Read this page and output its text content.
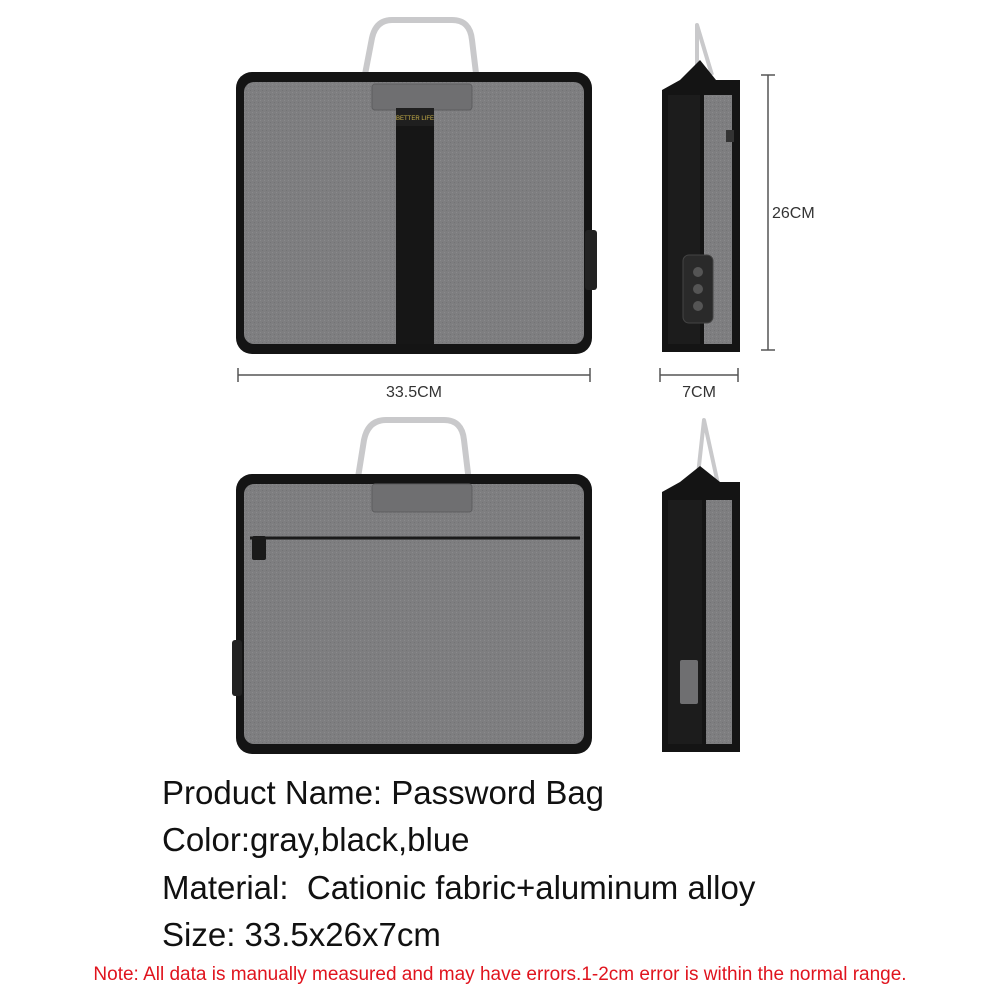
BETTER LIFE
33.5CM
26CM
7CM
Product Name: Password Bag
Color:gray,black,blue
Material:  Cationic fabric+aluminum alloy
Size: 33.5x26x7cm
Note: All data is manually measured and may have errors.1-2cm error is within the normal range.
